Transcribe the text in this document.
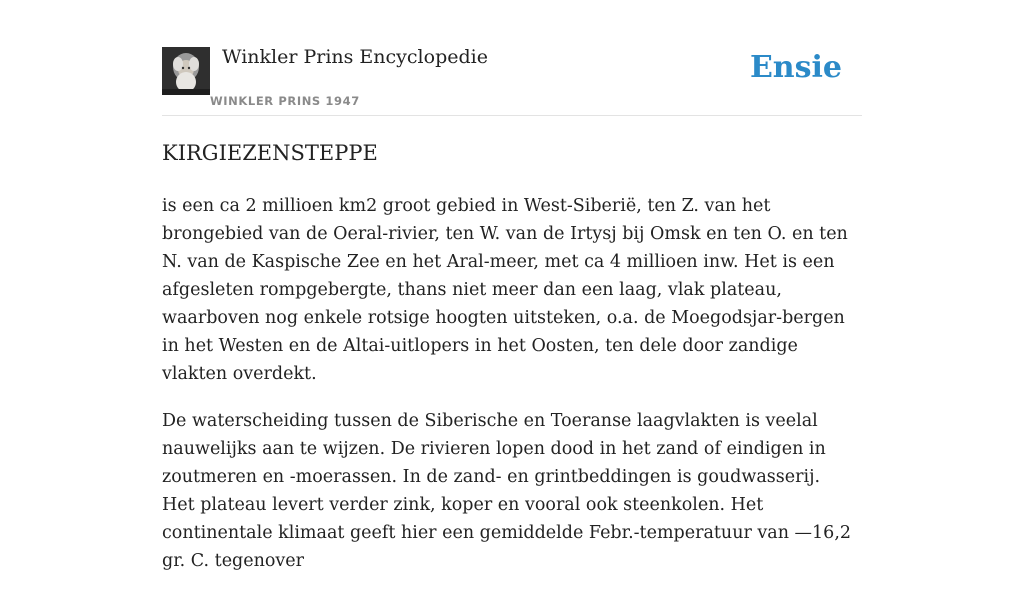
Winkler Prins Encyclopedie
WINKLER PRINS 1947
Ensie
KIRGIEZENSTEPPE

is een ca 2 millioen km2 groot gebied in West-Siberië, ten Z. van het brongebied van de Oeral-rivier, ten W. van de Irtysj bij Omsk en ten O. en ten N. van de Kaspische Zee en het Aral-meer, met ca 4 millioen inw. Het is een afgesleten rompgebergte, thans niet meer dan een laag, vlak plateau, waarboven nog enkele rotsige hoogten uitsteken, o.a. de Moegodsjar-bergen in het Westen en de Altai-uitlopers in het Oosten, ten dele door zandige vlakten overdekt.

De waterscheiding tussen de Siberische en Toeranse laagvlakten is veelal nauwelijks aan te wijzen. De rivieren lopen dood in het zand of eindigen in zoutmeren en -moerassen. In de zand- en grintbeddingen is goudwasserij. Het plateau levert verder zink, koper en vooral ook steenkolen. Het continentale klimaat geeft hier een gemiddelde Febr.-temperatuur van —16,2 gr. C. tegenover
